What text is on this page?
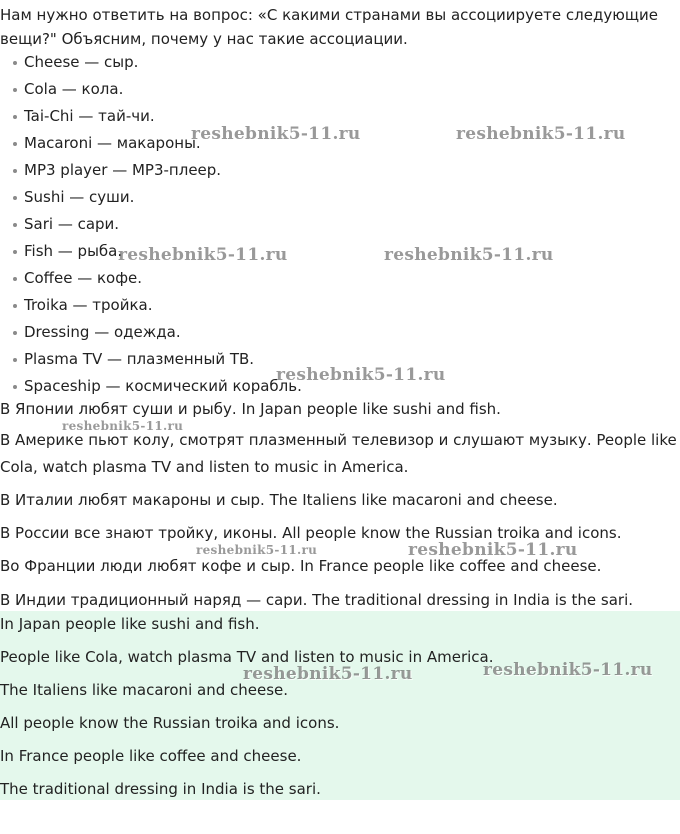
Нам нужно ответить на вопрос: «С какими странами вы ассоциируете следующие вещи?" Объясним, почему у нас такие ассоциации.

Cheese — сыр.
Cola — кола.
Tai-Chi — тай-чи.
Macaroni — макароны.
MP3 player — MP3-плеер.
Sushi — суши.
Sari — сари.
Fish — рыба.
Coffee — кофе.
Troika — тройка.
Dressing — одежда.
Plasma TV — плазменный ТВ.
Spaceship — космический корабль.

В Японии любят суши и рыбу. In Japan people like sushi and fish.

В Америке пьют колу, смотрят плазменный телевизор и слушают музыку. People like Cola, watch plasma TV and listen to music in America.

В Италии любят макароны и сыр. The Italiens like macaroni and cheese.

В России все знают тройку, иконы. All people know the Russian troika and icons.

Во Франции люди любят кофе и сыр. In France people like coffee and cheese.

В Индии традиционный наряд — сари. The traditional dressing in India is the sari.

In Japan people like sushi and fish.
People like Cola, watch plasma TV and listen to music in America.
The Italiens like macaroni and cheese.
All people know the Russian troika and icons.
In France people like coffee and cheese.
The traditional dressing in India is the sari.
reshebnik5-11.ru	reshebnik5-11.ru
reshebnik5-11.ru	reshebnik5-11.ru
reshebnik5-11.ru
reshebnik5-11.ru
reshebnik5-11.ru	reshebnik5-11.ru
reshebnik5-11.ru	reshebnik5-11.ru
